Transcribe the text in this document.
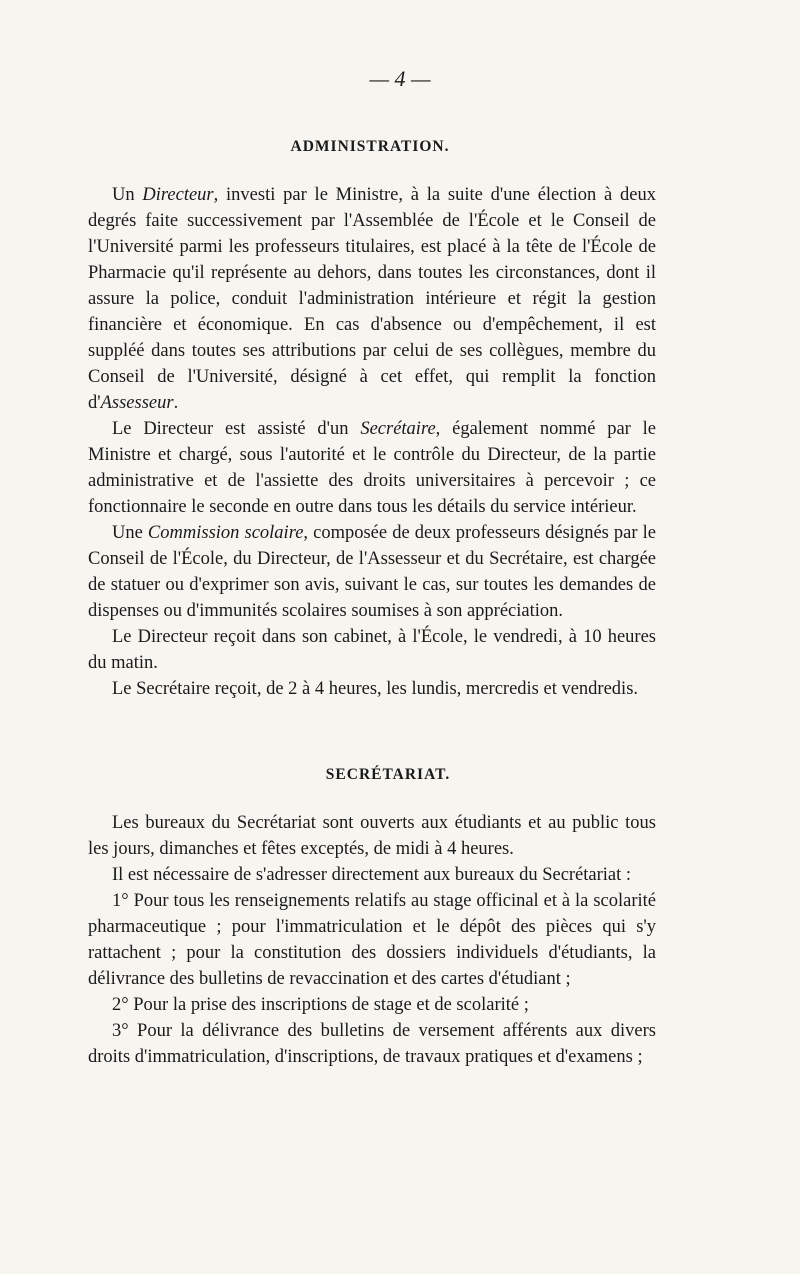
— 4 —
ADMINISTRATION.

Un Directeur, investi par le Ministre, à la suite d'une élection à deux degrés faite successivement par l'Assemblée de l'École et le Conseil de l'Université parmi les professeurs titulaires, est placé à la tête de l'École de Pharmacie qu'il représente au dehors, dans toutes les circonstances, dont il assure la police, conduit l'administration intérieure et régit la gestion financière et économique. En cas d'absence ou d'empêchement, il est suppléé dans toutes ses attributions par celui de ses collègues, membre du Conseil de l'Université, désigné à cet effet, qui remplit la fonction d'Assesseur.

Le Directeur est assisté d'un Secrétaire, également nommé par le Ministre et chargé, sous l'autorité et le contrôle du Directeur, de la partie administrative et de l'assiette des droits universitaires à percevoir ; ce fonctionnaire le seconde en outre dans tous les détails du service intérieur.

Une Commission scolaire, composée de deux professeurs désignés par le Conseil de l'École, du Directeur, de l'Assesseur et du Secrétaire, est chargée de statuer ou d'exprimer son avis, suivant le cas, sur toutes les demandes de dispenses ou d'immunités scolaires soumises à son appréciation.

Le Directeur reçoit dans son cabinet, à l'École, le vendredi, à 10 heures du matin.

Le Secrétaire reçoit, de 2 à 4 heures, les lundis, mercredis et vendredis.

SECRÉTARIAT.

Les bureaux du Secrétariat sont ouverts aux étudiants et au public tous les jours, dimanches et fêtes exceptés, de midi à 4 heures.

Il est nécessaire de s'adresser directement aux bureaux du Secrétariat :

1° Pour tous les renseignements relatifs au stage officinal et à la scolarité pharmaceutique ; pour l'immatriculation et le dépôt des pièces qui s'y rattachent ; pour la constitution des dossiers individuels d'étudiants, la délivrance des bulletins de revaccination et des cartes d'étudiant ;

2° Pour la prise des inscriptions de stage et de scolarité ;

3° Pour la délivrance des bulletins de versement afférents aux divers droits d'immatriculation, d'inscriptions, de travaux pratiques et d'examens ;
